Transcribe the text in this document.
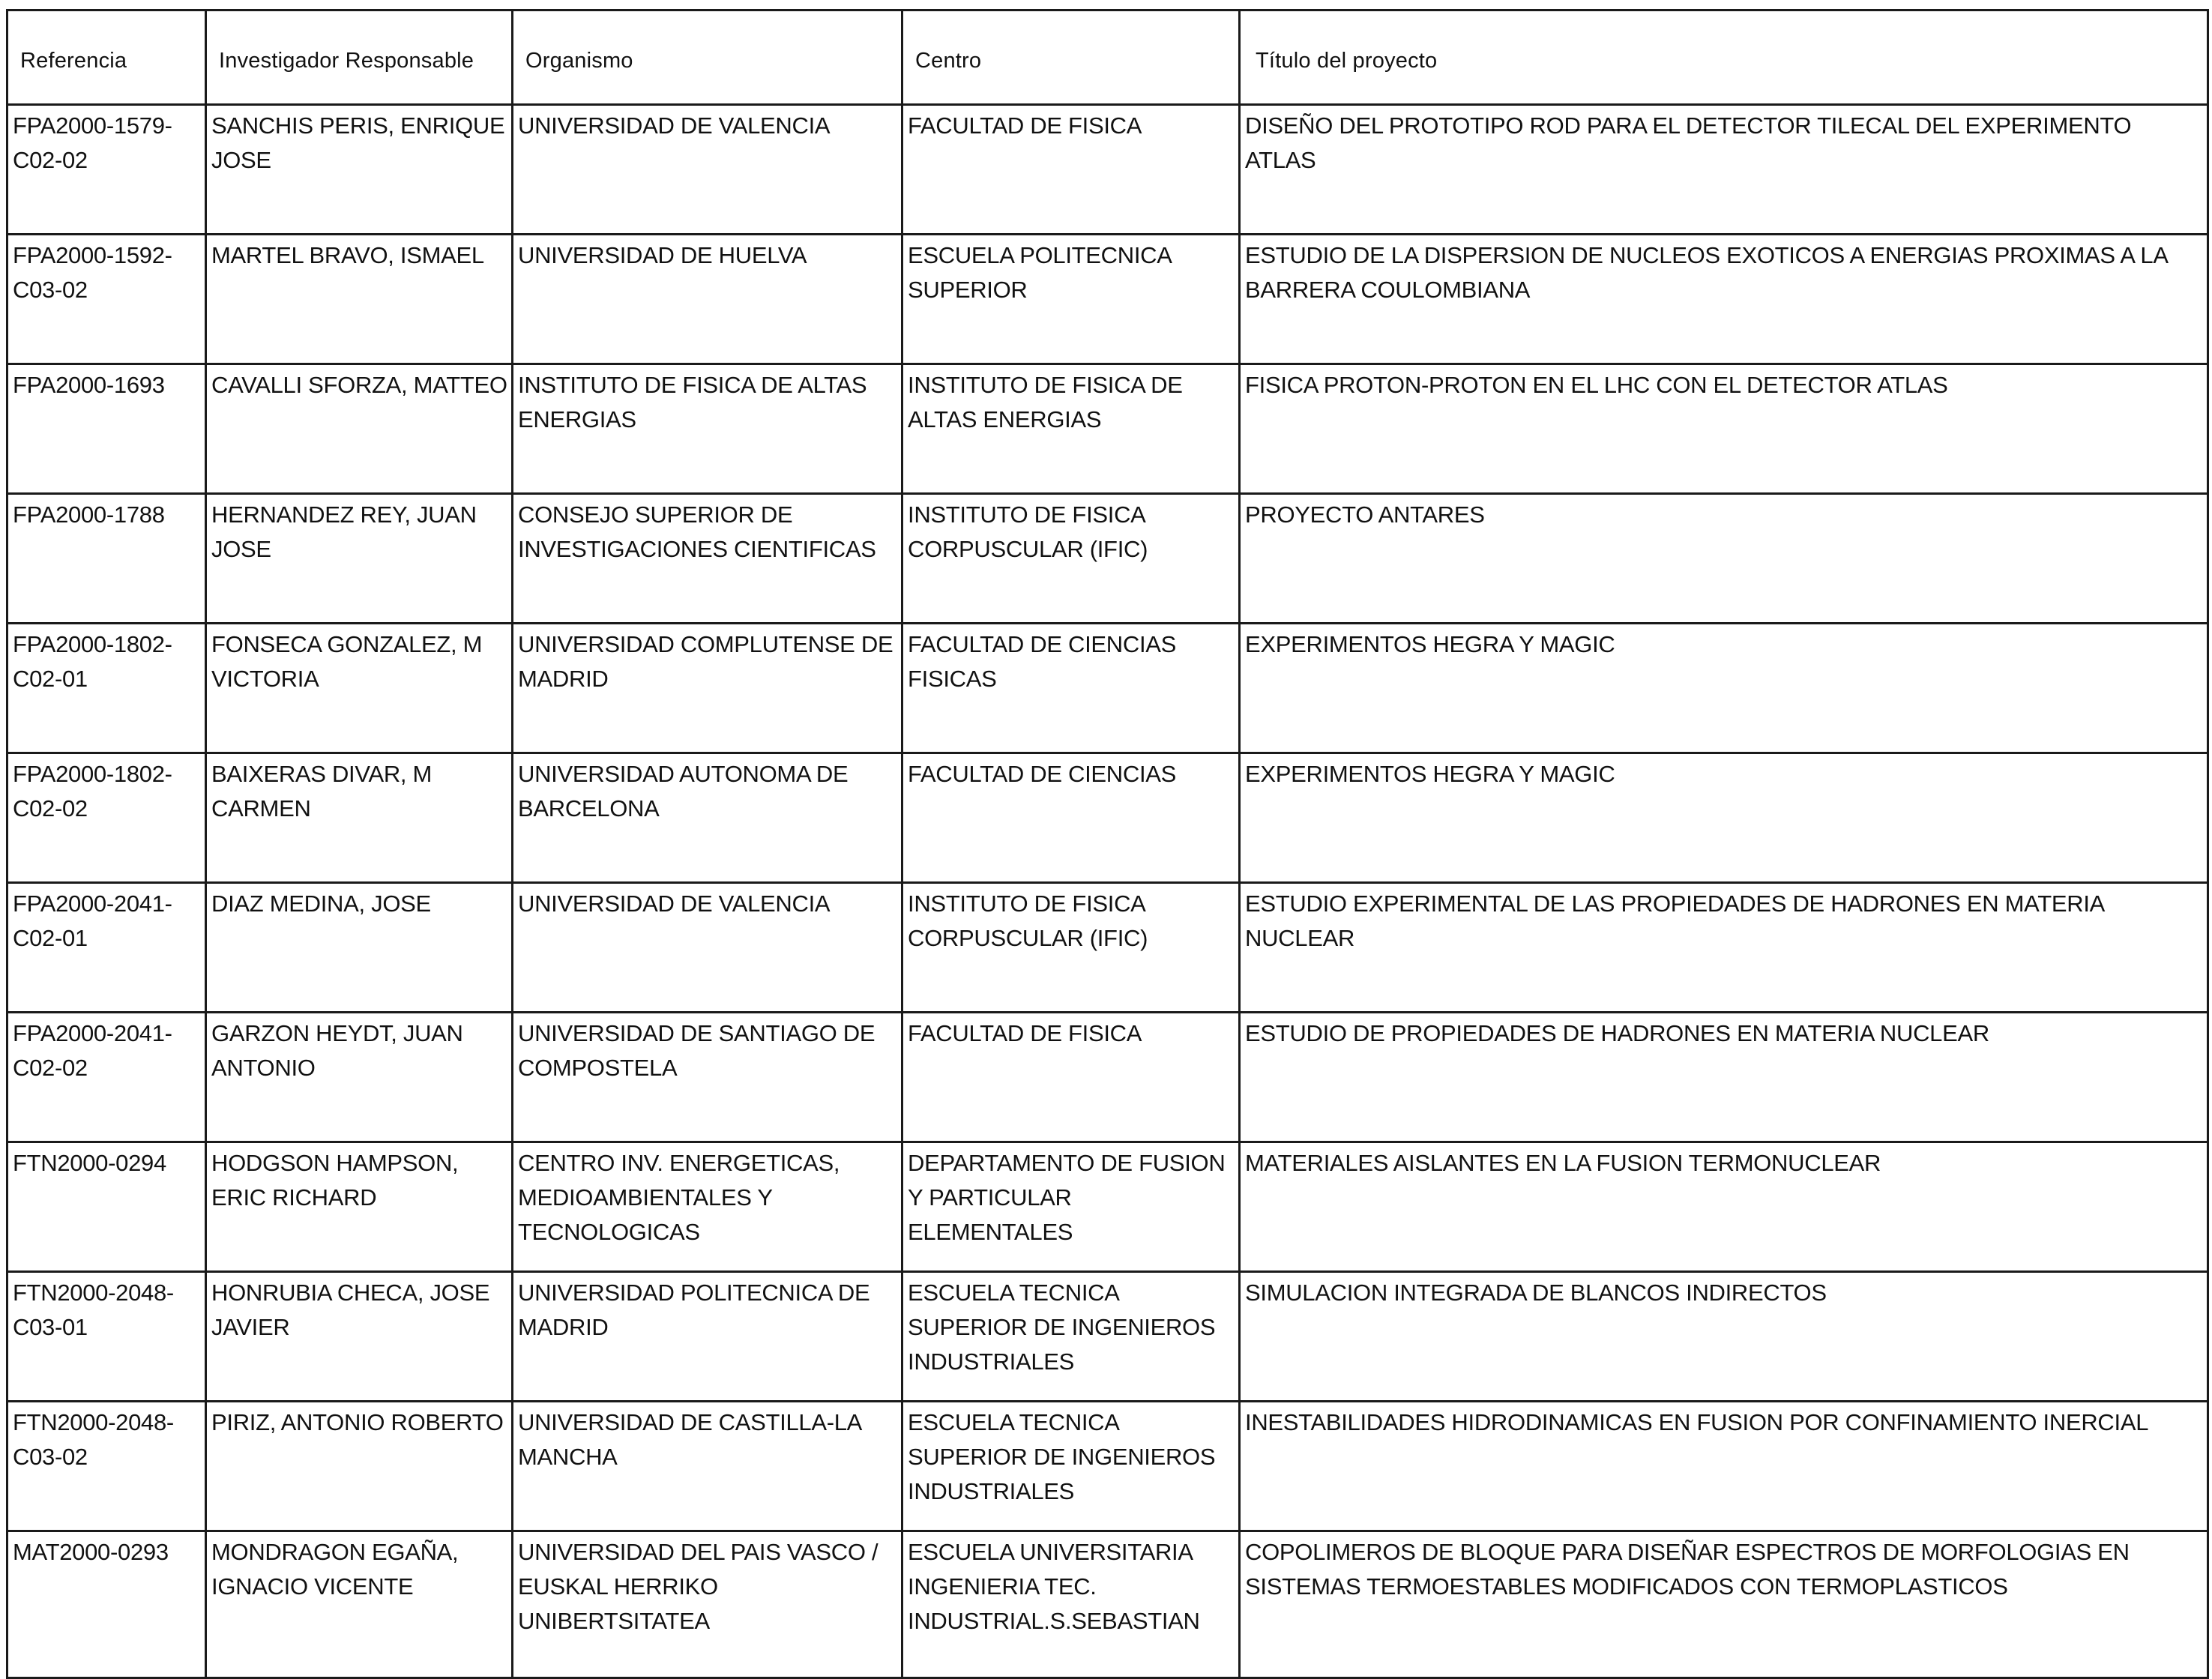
Referencia	Investigador Responsable	Organismo	Centro	Título del proyecto
FPA2000-1579-C02-02	SANCHIS PERIS, ENRIQUE JOSE	UNIVERSIDAD DE VALENCIA	FACULTAD DE FISICA	DISEÑO DEL PROTOTIPO ROD PARA EL DETECTOR TILECAL DEL EXPERIMENTO ATLAS
FPA2000-1592-C03-02	MARTEL BRAVO, ISMAEL	UNIVERSIDAD DE HUELVA	ESCUELA POLITECNICA SUPERIOR	ESTUDIO DE LA DISPERSION DE NUCLEOS EXOTICOS A ENERGIAS PROXIMAS A LA BARRERA COULOMBIANA
FPA2000-1693	CAVALLI SFORZA, MATTEO	INSTITUTO DE FISICA DE ALTAS ENERGIAS	INSTITUTO DE FISICA DE ALTAS ENERGIAS	FISICA PROTON-PROTON EN EL LHC CON EL DETECTOR ATLAS
FPA2000-1788	HERNANDEZ REY, JUAN JOSE	CONSEJO SUPERIOR DE INVESTIGACIONES CIENTIFICAS	INSTITUTO DE FISICA CORPUSCULAR (IFIC)	PROYECTO ANTARES
FPA2000-1802-C02-01	FONSECA GONZALEZ, M VICTORIA	UNIVERSIDAD COMPLUTENSE DE MADRID	FACULTAD DE CIENCIAS FISICAS	EXPERIMENTOS HEGRA Y MAGIC
FPA2000-1802-C02-02	BAIXERAS DIVAR, M CARMEN	UNIVERSIDAD AUTONOMA DE BARCELONA	FACULTAD DE CIENCIAS	EXPERIMENTOS HEGRA Y MAGIC
FPA2000-2041-C02-01	DIAZ MEDINA, JOSE	UNIVERSIDAD DE VALENCIA	INSTITUTO DE FISICA CORPUSCULAR (IFIC)	ESTUDIO EXPERIMENTAL DE LAS PROPIEDADES DE HADRONES EN MATERIA NUCLEAR
FPA2000-2041-C02-02	GARZON HEYDT, JUAN ANTONIO	UNIVERSIDAD DE SANTIAGO DE COMPOSTELA	FACULTAD DE FISICA	ESTUDIO DE PROPIEDADES DE HADRONES EN MATERIA NUCLEAR
FTN2000-0294	HODGSON HAMPSON, ERIC RICHARD	CENTRO INV. ENERGETICAS, MEDIOAMBIENTALES Y TECNOLOGICAS	DEPARTAMENTO DE FUSION Y PARTICULAR ELEMENTALES	MATERIALES AISLANTES EN LA FUSION TERMONUCLEAR
FTN2000-2048-C03-01	HONRUBIA CHECA, JOSE JAVIER	UNIVERSIDAD POLITECNICA DE MADRID	ESCUELA TECNICA SUPERIOR DE INGENIEROS INDUSTRIALES	SIMULACION INTEGRADA DE BLANCOS INDIRECTOS
FTN2000-2048-C03-02	PIRIZ, ANTONIO ROBERTO	UNIVERSIDAD DE CASTILLA-LA MANCHA	ESCUELA TECNICA SUPERIOR DE INGENIEROS INDUSTRIALES	INESTABILIDADES HIDRODINAMICAS EN FUSION POR CONFINAMIENTO INERCIAL
MAT2000-0293	MONDRAGON EGAÑA, IGNACIO VICENTE	UNIVERSIDAD DEL PAIS VASCO / EUSKAL HERRIKO UNIBERTSITATEA	ESCUELA UNIVERSITARIA INGENIERIA TEC. INDUSTRIAL.S.SEBASTIAN	COPOLIMEROS DE BLOQUE PARA DISEÑAR ESPECTROS DE MORFOLOGIAS EN SISTEMAS TERMOESTABLES MODIFICADOS CON TERMOPLASTICOS
